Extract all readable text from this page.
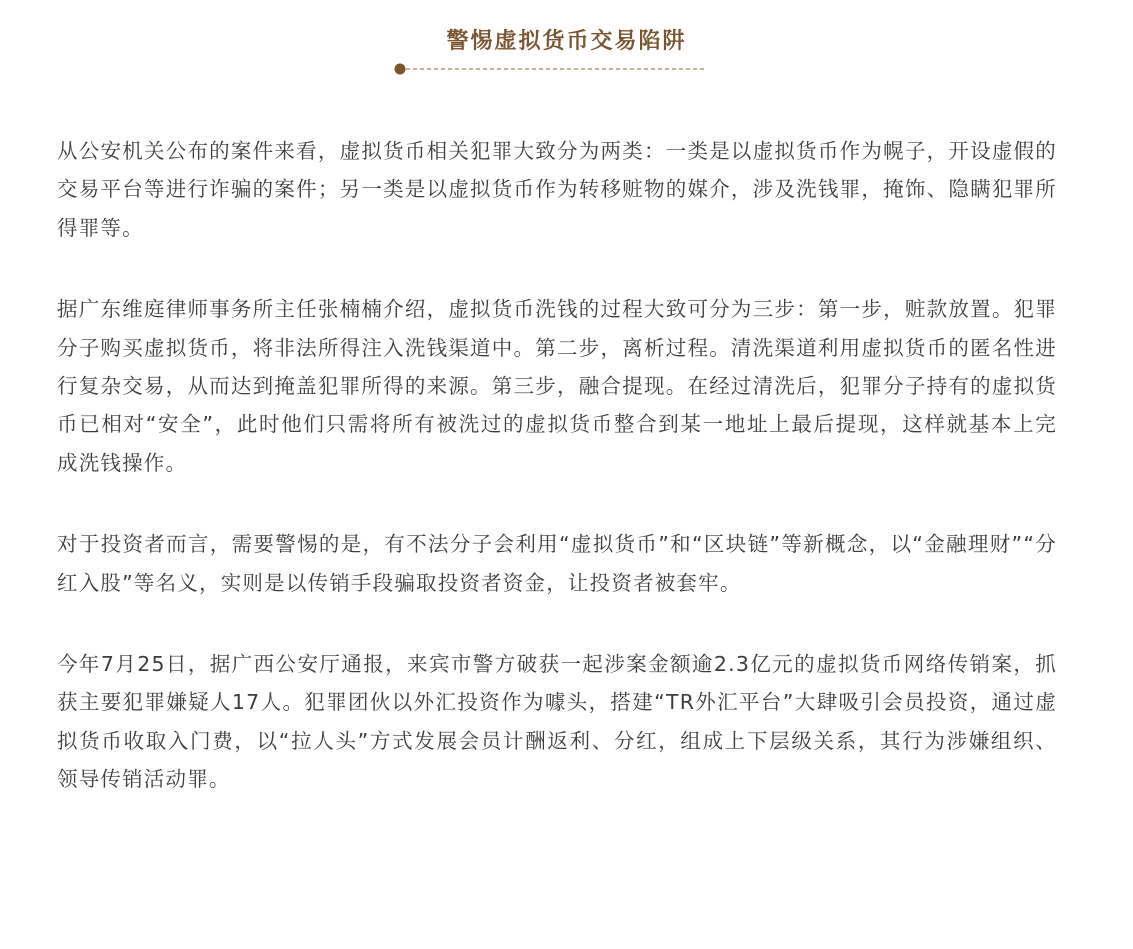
警惕虚拟货币交易陷阱

从公安机关公布的案件来看，虚拟货币相关犯罪大致分为两类：一类是以虚拟货币作为幌子，开设虚假的交易平台等进行诈骗的案件；另一类是以虚拟货币作为转移赃物的媒介，涉及洗钱罪，掩饰、隐瞒犯罪所得罪等。

据广东维庭律师事务所主任张楠楠介绍，虚拟货币洗钱的过程大致可分为三步：第一步，赃款放置。犯罪分子购买虚拟货币，将非法所得注入洗钱渠道中。第二步，离析过程。清洗渠道利用虚拟货币的匿名性进行复杂交易，从而达到掩盖犯罪所得的来源。第三步，融合提现。在经过清洗后，犯罪分子持有的虚拟货币已相对“安全”，此时他们只需将所有被洗过的虚拟货币整合到某一地址上最后提现，这样就基本上完成洗钱操作。

对于投资者而言，需要警惕的是，有不法分子会利用“虚拟货币”和“区块链”等新概念，以“金融理财”“分红入股”等名义，实则是以传销手段骗取投资者资金，让投资者被套牢。

今年7月25日，据广西公安厅通报，来宾市警方破获一起涉案金额逾2.3亿元的虚拟货币网络传销案，抓获主要犯罪嫌疑人17人。犯罪团伙以外汇投资作为噱头，搭建“TR外汇平台”大肆吸引会员投资，通过虚拟货币收取入门费，以“拉人头”方式发展会员计酬返利、分红，组成上下层级关系，其行为涉嫌组织、领导传销活动罪。
